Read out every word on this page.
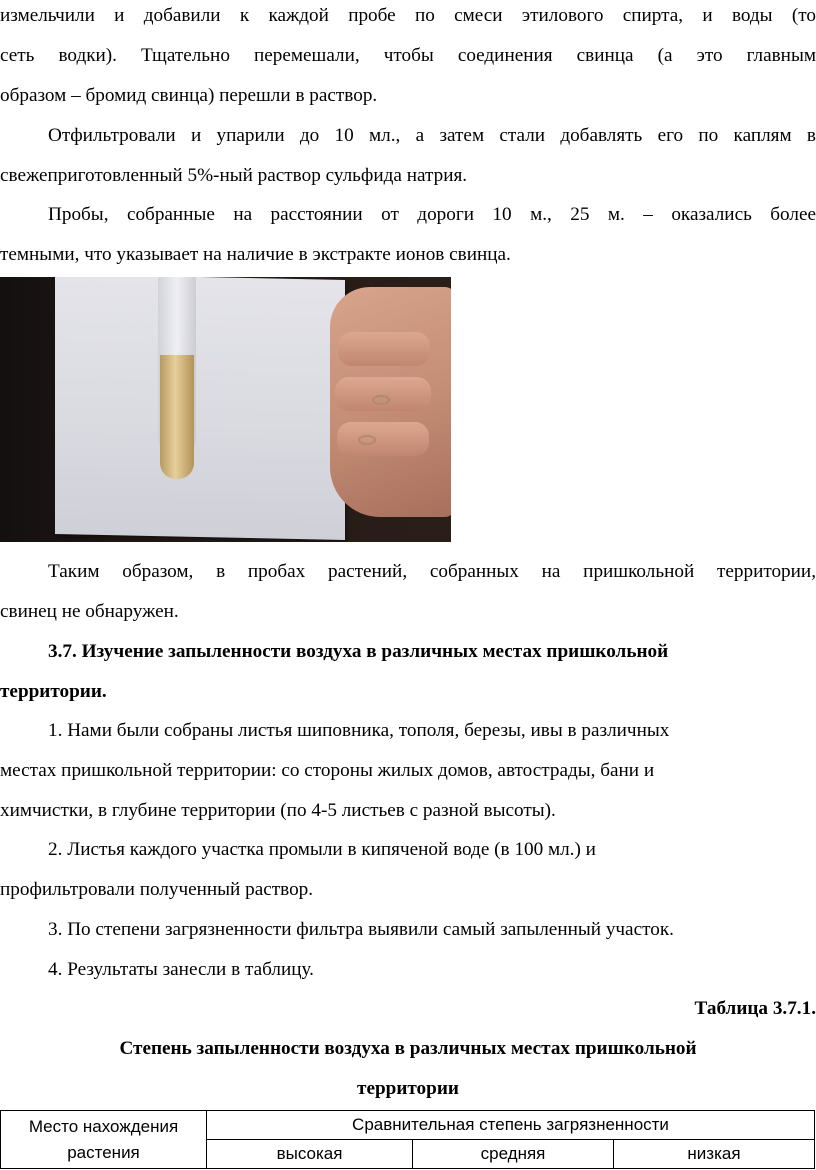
измельчили и добавили к каждой пробе по смеси этилового спирта, и воды (то
сеть водки). Тщательно перемешали, чтобы соединения свинца (а это главным
образом – бромид свинца) перешли в раствор.
Отфильтровали и упарили до 10 мл., а затем стали добавлять его по каплям в
свежеприготовленный 5%-ный раствор сульфида натрия.
Пробы, собранные на расстоянии от дороги 10 м., 25 м. – оказались более
темными, что указывает на наличие в экстракте ионов свинца.
Таким образом, в пробах растений, собранных на пришкольной территории,
свинец не обнаружен.
3.7. Изучение запыленности воздуха в различных местах пришкольной
территории.
1. Нами были собраны листья шиповника, тополя, березы, ивы в различных
местах пришкольной территории: со стороны жилых домов, автострады, бани и
химчистки, в глубине территории (по 4-5 листьев с разной высоты).
2. Листья каждого участка промыли в кипяченой воде (в 100 мл.) и
профильтровали полученный раствор.
3. По степени загрязненности фильтра выявили самый запыленный участок.
4. Результаты занесли в таблицу.
Таблица 3.7.1.
Степень запыленности воздуха в различных местах пришкольной
территории
Место нахождения
растения	Сравнительная степень загрязненности		
	высокая	средняя	низкая
